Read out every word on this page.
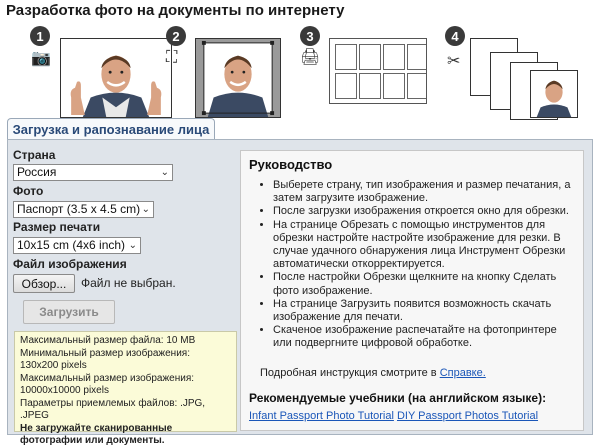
Разработка фото на документы по интернету
1
📷
2
⛶
3
🖨
4
✂
Загрузка и рапознавание лица
Страна
Россия	⌄
Фото
Паспорт (3.5 x 4.5 cm) ⌄
Размер печати
10x15 cm (4x6 inch) ⌄
Файл изображения
Обзор...	Файл не выбран.
Загрузить
Максимальный размер файла: 10 MB
Минимальный размер изображения: 130x200 pixels
Максимальный размер изображения: 10000x10000 pixels
Параметры приемлемых файлов: .JPG, .JPEG
Не загружайте сканированные фотографии или документы.
Руководство
• Выберете страну, тип изображения и размер печатания, а затем загрузите изображение.
• После загрузки изображения откроется окно для обрезки.
• На странице Обрезать с помощью инструментов для обрезки настройте настройте изображение для резки. В случае удачного обнаружения лица Инструмент Обрезки автоматически откорректируется.
• После настройки Обрезки щелкните на кнопку Сделать фото изображение.
• На странице Загрузить появится возможность скачать изображение для печати.
• Скаченое изображение распечатайте на фотопринтере или подвергните цифровой обработке.
Подробная инструкция смотрите в Справке.
Рекомендуемые учебники (на английском языке):
Infant Passport Photo Tutorial DIY Passport Photos Tutorial
